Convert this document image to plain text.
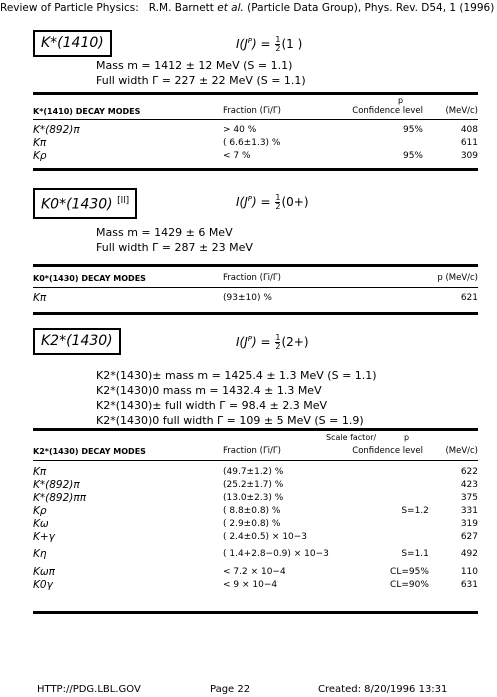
Review of Particle Physics: R.M. Barnett et al. (Particle Data Group), Phys. Rev. D54, 1 (1996)
K*(1410)	$I(J^P) = \frac{1}{2} (1$ )
Mass m = 1412 ± 12 MeV (S = 1.1)
Full width Γ = 227 ± 22 MeV (S = 1.1)
p
K*(1410) DECAY MODES	Fraction (Γi/Γ)	Confidence level	(MeV/c)
K*(892)π	> 40 %	95%	408
Kπ	( 6.6±1.3) %		611
Kρ	< 7 %	95%	309
K0*(1430) [ll]	$I(J^P) = \frac{1}{2} (0+)$
Mass m = 1429 ± 6 MeV
Full width Γ = 287 ± 23 MeV
K0*(1430) DECAY MODES	Fraction (Γi/Γ)		p (MeV/c)
Kπ	(93±10) %		621
K2*(1430)	$I(J^P) = \frac{1}{2} (2+)$
K2*(1430)± mass m = 1425.4 ± 1.3 MeV (S = 1.1)
K2*(1430)0 mass m = 1432.4 ± 1.3 MeV
K2*(1430)± full width Γ = 98.4 ± 2.3 MeV
K2*(1430)0 full width Γ = 109 ± 5 MeV (S = 1.9)
Scale factor/	p
K2*(1430) DECAY MODES	Fraction (Γi/Γ)	Confidence level	(MeV/c)
Kπ	(49.7±1.2) %		622
K*(892)π	(25.2±1.7) %		423
K*(892)ππ	(13.0±2.3) %		375
Kρ	( 8.8±0.8) %	S=1.2	331
Kω	( 2.9±0.8) %		319
K+γ	( 2.4±0.5) × 10−3		627
Kη	( 1.4+2.8−0.9) × 10−3	S=1.1	492
Kωπ	< 7.2 × 10−4	CL=95%	110
K0γ	< 9 × 10−4	CL=90%	631
HTTP://PDG.LBL.GOV	Page 22	Created: 8/20/1996 13:31
